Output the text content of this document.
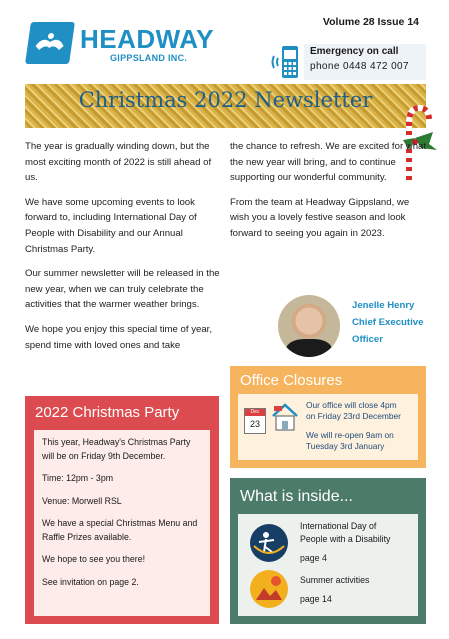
HEADWAY
GIPPSLAND INC.
Volume 28 Issue 14
Emergency on call
phone 0448 472 007
Christmas 2022 Newsletter

The year is gradually winding down, but the most exciting month of 2022 is still ahead of us.

We have some upcoming events to look forward to, including International Day of People with Disability and our Annual Christmas Party.

Our summer newsletter will be released in the new year, when we can truly celebrate the activities that the warmer weather brings.

We hope you enjoy this special time of year, spend time with loved ones and take

the chance to refresh. We are excited for what the new year will bring, and to continue supporting our wonderful community.

From the team at Headway Gippsland, we wish you a lovely festive season and look forward to seeing you again in 2023.

Jenelle Henry
Chief Executive
Officer
2022 Christmas Party

This year, Headway's Christmas Party will be on Friday 9th December.

Time: 12pm - 3pm

Venue: Morwell RSL

We have a special Christmas Menu and Raffle Prizes available.

We hope to see you there!

See invitation on page 2.

Office Closures
Dec
23
Our office will close 4pm
on Friday 23rd December
We will re-open 9am on
Tuesday 3rd January
What is inside...
International Day of
People with a Disability
page 4
Summer activities
page 14
